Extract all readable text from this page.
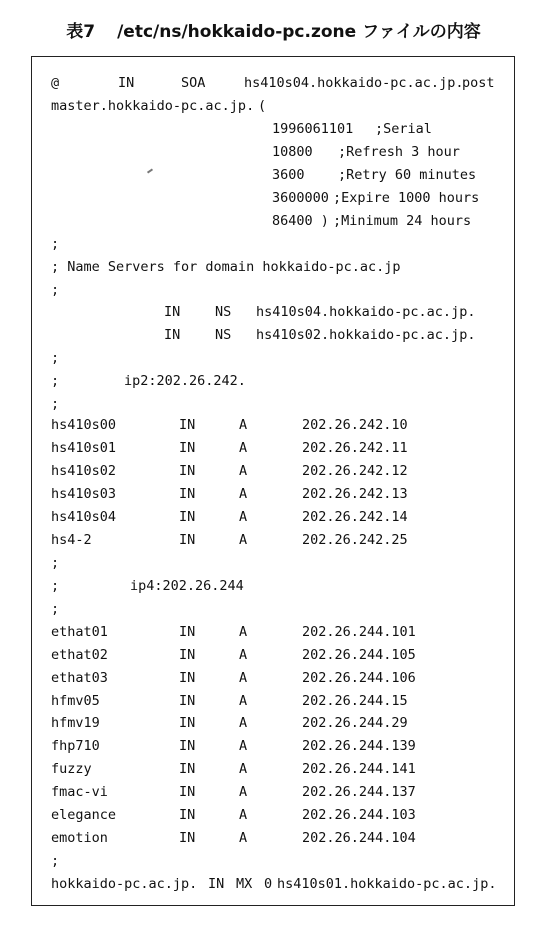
表7 /etc/ns/hokkaido-pc.zone ファイルの内容
@	IN	SOA	hs410s04.hokkaido-pc.ac.jp.
post
master.hokkaido-pc.ac.jp. (
1996061101 ;Serial
10800 ;Refresh 3 hour
3600 ;Retry 60 minutes
3600000 ;Expire 1000 hours
86400 ) ;Minimum 24 hours
;
; Name Servers for domain hokkaido-pc.ac.jp
;
IN	NS hs410s04.hokkaido-pc.ac.jp.
IN	NS hs410s02.hokkaido-pc.ac.jp.
;
;	ip2:202.26.242.
;
hs410s00	IN	A	202.26.242.10
hs410s01	IN	A	202.26.242.11
hs410s02	IN	A	202.26.242.12
hs410s03	IN	A	202.26.242.13
hs410s04	IN	A	202.26.242.14
hs4-2	IN	A	202.26.242.25
;
;	ip4:202.26.244
;
ethat01	IN	A	202.26.244.101
ethat02	IN	A	202.26.244.105
ethat03	IN	A	202.26.244.106
hfmv05	IN	A	202.26.244.15
hfmv19	IN	A	202.26.244.29
fhp710	IN	A	202.26.244.139
fuzzy	IN	A	202.26.244.141
fmac-vi	IN	A	202.26.244.137
elegance	IN	A	202.26.244.103
emotion	IN	A	202.26.244.104
;
hokkaido-pc.ac.jp. IN MX 0 hs410s01.hokkaido-pc.ac.jp.
